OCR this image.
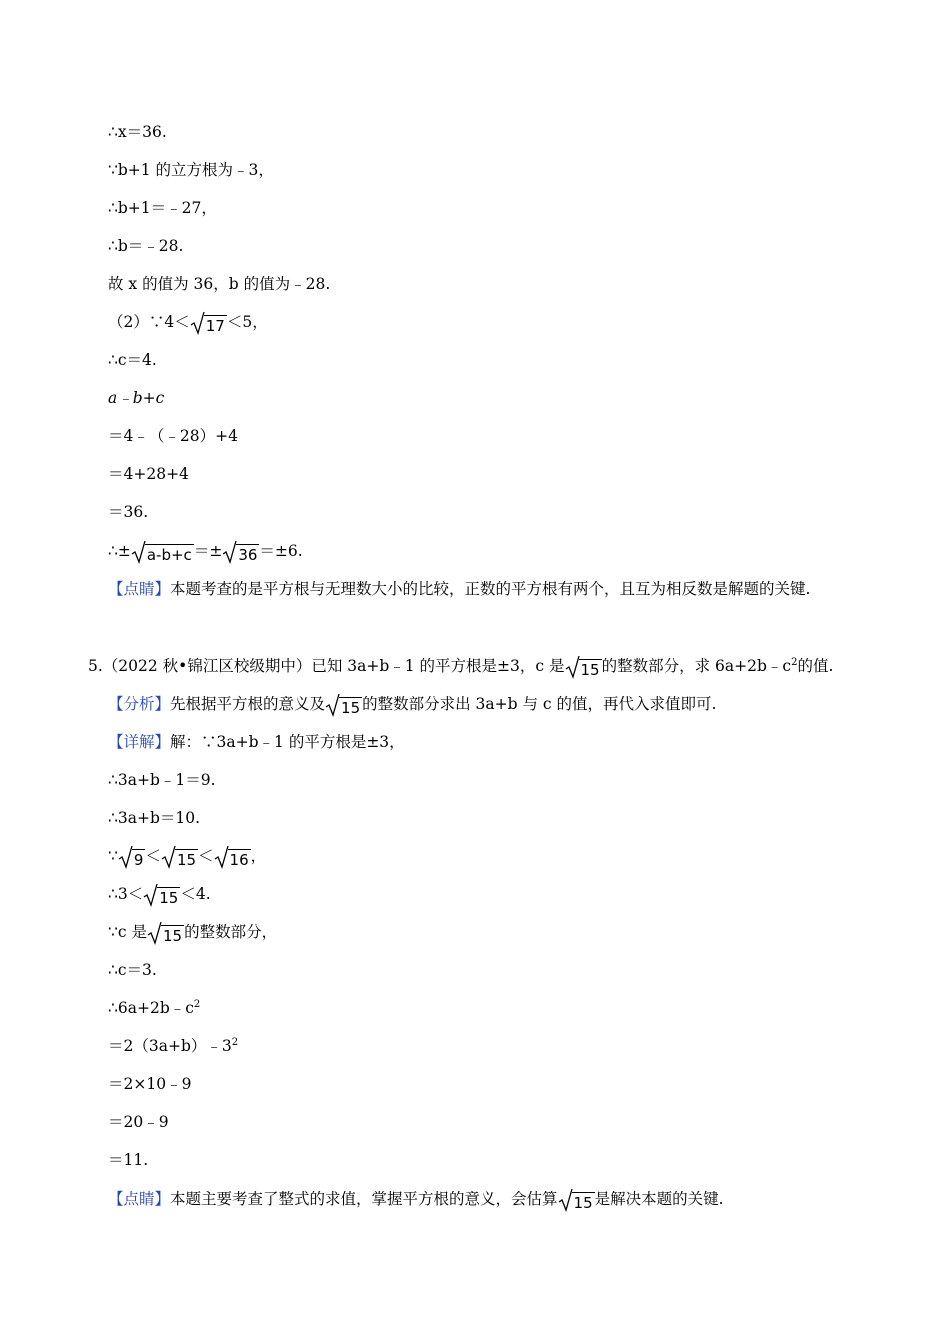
∴x＝36.
∵b+1 的立方根为﹣3，
∴b+1＝﹣27，
∴b＝﹣28.
故 x 的值为 36，b 的值为﹣28.
（2）∵4＜ 17 ＜5，
∴c＝4.
a﹣b+c
＝4﹣（﹣28）+4
＝4+28+4
＝36.
∴± a-b+c ＝± 36 ＝±6.
【点睛】本题考查的是平方根与无理数大小的比较，正数的平方根有两个，且互为相反数是解题的关键.
5.（2022 秋•锦江区校级期中）已知 3a+b﹣1 的平方根是±3，c 是 15 的整数部分，求 $6a+2b﹣c^2$的值.
【分析】先根据平方根的意义及 15 的整数部分求出 3a+b 与 c 的值，再代入求值即可.
【详解】解：∵3a+b﹣1 的平方根是±3，
∴3a+b﹣1＝9.
∴3a+b＝10.
∵ 9 ＜ 15 ＜ 16 ，
∴3＜ 15 ＜4.
∵c 是 15 的整数部分，
∴c＝3.
$\therefore 6a+2b﹣c^2$
$=2(3a+b)﹣3^2$
＝2×10﹣9
＝20﹣9
＝11.
【点睛】本题主要考查了整式的求值，掌握平方根的意义，会估算 15 是解决本题的关键.
